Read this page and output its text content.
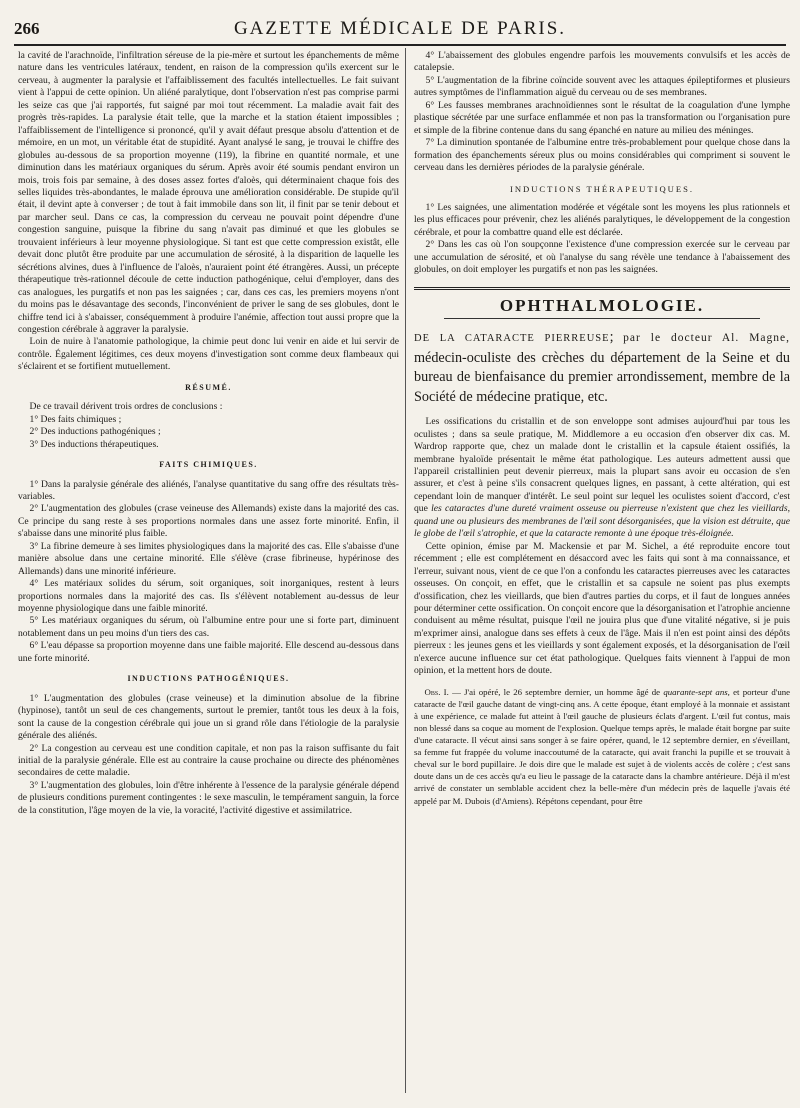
266	GAZETTE MÉDICALE DE PARIS.

la cavité de l'arachnoïde, l'infiltration séreuse de la pie-mère et surtout les épanchements de même nature dans les ventricules latéraux, tendent, en raison de la compression qu'ils exercent sur le cerveau, à augmenter la paralysie et l'affaiblissement des facultés intellectuelles. Le fait suivant vient à l'appui de cette opinion. Un aliéné paralytique, dont l'observation n'est pas comprise parmi les seize cas que j'ai rapportés, fut saigné par moi tout récemment. La maladie avait fait des progrès très-rapides. La paralysie était telle, que la marche et la station étaient impossibles ; l'affaiblissement de l'intelligence si prononcé, qu'il y avait défaut presque absolu d'attention et de mémoire, en un mot, un véritable état de stupidité. Ayant analysé le sang, je trouvai le chiffre des globules au-dessous de sa proportion moyenne (119), la fibrine en quantité normale, et une diminution dans les matériaux organiques du sérum. Après avoir été soumis pendant environ un mois, trois fois par semaine, à des doses assez fortes d'aloès, qui déterminaient chaque fois des selles liquides très-abondantes, le malade éprouva une amélioration considérable. De stupide qu'il était, il devint apte à converser ; de tout à fait immobile dans son lit, il finit par se tenir debout et par marcher seul. Dans ce cas, la compression du cerveau ne pouvait point dépendre d'une congestion sanguine, puisque la fibrine du sang n'avait pas diminué et que les globules se trouvaient inférieurs à leur moyenne physiologique. Si tant est que cette compression existât, elle devait donc plutôt être produite par une accumulation de sérosité, à la disparition de laquelle les sécrétions alvines, dues à l'influence de l'aloès, n'auraient point été étrangères. Aussi, un précepte thérapeutique très-rationnel découle de cette induction pathogénique, celui d'employer, dans des cas analogues, les purgatifs et non pas les saignées ; car, dans ces cas, les premiers moyens n'ont du moins pas le désavantage des seconds, l'inconvénient de priver le sang de ses globules, dont le chiffre tend ici à s'abaisser, conséquemment à produire l'anémie, affection tout aussi propre que la congestion cérébrale à aggraver la paralysie.

Loin de nuire à l'anatomie pathologique, la chimie peut donc lui venir en aide et lui servir de contrôle. Également légitimes, ces deux moyens d'investigation sont comme deux flambeaux qui s'éclairent et se fortifient mutuellement.

RÉSUMÉ.

De ce travail dérivent trois ordres de conclusions :

1° Des faits chimiques ;

2° Des inductions pathogéniques ;

3° Des inductions thérapeutiques.

FAITS CHIMIQUES.

1° Dans la paralysie générale des aliénés, l'analyse quantitative du sang offre des résultats très-variables.

2° L'augmentation des globules (crase veineuse des Allemands) existe dans la majorité des cas. Ce principe du sang reste à ses proportions normales dans une assez forte minorité. Enfin, il s'abaisse dans une minorité plus faible.

3° La fibrine demeure à ses limites physiologiques dans la majorité des cas. Elle s'abaisse d'une manière absolue dans une certaine minorité. Elle s'élève (crase fibrineuse, hypérinose des Allemands) dans une minorité inférieure.

4° Les matériaux solides du sérum, soit organiques, soit inorganiques, restent à leurs proportions normales dans la majorité des cas. Ils s'élèvent notablement au-dessus de leur moyenne physiologique dans une faible minorité.

5° Les matériaux organiques du sérum, où l'albumine entre pour une si forte part, diminuent notablement dans un peu moins d'un tiers des cas.

6° L'eau dépasse sa proportion moyenne dans une faible majorité. Elle descend au-dessous dans une forte minorité.

INDUCTIONS PATHOGÉNIQUES.

1° L'augmentation des globules (crase veineuse) et la diminution absolue de la fibrine (hypinose), tantôt un seul de ces changements, surtout le premier, tantôt tous les deux à la fois, sont la cause de la congestion cérébrale qui joue un si grand rôle dans l'étiologie de la paralysie générale des aliénés.

2° La congestion au cerveau est une condition capitale, et non pas la raison suffisante du fait initial de la paralysie générale. Elle est au contraire la cause prochaine ou directe des phénomènes secondaires de cette maladie.

3° L'augmentation des globules, loin d'être inhérente à l'essence de la paralysie générale dépend de plusieurs conditions purement contingentes : le sexe masculin, le tempérament sanguin, la force de la constitution, l'âge moyen de la vie, la voracité, l'activité digestive et assimilatrice.

4° L'abaissement des globules engendre parfois les mouvements convulsifs et les accès de catalepsie.

5° L'augmentation de la fibrine coïncide souvent avec les attaques épileptiformes et plusieurs autres symptômes de l'inflammation aiguë du cerveau ou de ses membranes.

6° Les fausses membranes arachnoïdiennes sont le résultat de la coagulation d'une lymphe plastique sécrétée par une surface enflammée et non pas la transformation ou l'organisation pure et simple de la fibrine contenue dans du sang épanché en nature au milieu des méninges.

7° La diminution spontanée de l'albumine entre très-probablement pour quelque chose dans la formation des épanchements séreux plus ou moins considérables qui compriment si souvent le cerveau dans les dernières périodes de la paralysie générale.

INDUCTIONS THÉRAPEUTIQUES.

1° Les saignées, une alimentation modérée et végétale sont les moyens les plus rationnels et les plus efficaces pour prévenir, chez les aliénés paralytiques, le développement de la congestion cérébrale, et pour la combattre quand elle est déclarée.

2° Dans les cas où l'on soupçonne l'existence d'une compression exercée sur le cerveau par une accumulation de sérosité, et où l'analyse du sang révèle une tendance à l'abaissement des globules, on doit employer les purgatifs et non pas les saignées.

OPHTHALMOLOGIE.
DE LA CATARACTE PIERREUSE; par le docteur Al. Magne, médecin-oculiste des crèches du département de la Seine et du bureau de bienfaisance du premier arrondissement, membre de la Société de médecine pratique, etc.

Les ossifications du cristallin et de son enveloppe sont admises aujourd'hui par tous les oculistes ; dans sa seule pratique, M. Middlemore a eu occasion d'en observer dix cas. M. Wardrop rapporte que, chez un malade dont le cristallin et la capsule étaient ossifiés, la membrane hyaloïde présentait le même état pathologique. Les auteurs admettent aussi que l'appareil cristallinien peut devenir pierreux, mais la plupart sans avoir eu occasion de s'en assurer, et c'est à peine s'ils consacrent quelques lignes, en passant, à cette altération, qui est cependant loin de manquer d'intérêt. Le seul point sur lequel les oculistes soient d'accord, c'est que les cataractes d'une dureté vraiment osseuse ou pierreuse n'existent que chez les vieillards, quand une ou plusieurs des membranes de l'œil sont désorganisées, que la vision est détruite, que le globe de l'œil s'atrophie, et que la cataracte remonte à une époque très-éloignée.

Cette opinion, émise par M. Mackensie et par M. Sichel, a été reproduite encore tout récemment ; elle est complétement en désaccord avec les faits qui sont à ma connaissance, et l'erreur, suivant nous, vient de ce que l'on a confondu les cataractes pierreuses avec les cataractes osseuses. On conçoit, en effet, que le cristallin et sa capsule ne soient pas plus exempts d'ossification, chez les vieillards, que bien d'autres parties du corps, et il faut de longues années pour déterminer cette ossification. On conçoit encore que la désorganisation et l'atrophie ancienne conduisent au même résultat, puisque l'œil ne jouira plus que d'une vitalité négative, si je puis m'exprimer ainsi, analogue dans ses effets à ceux de l'âge. Mais il n'en est point ainsi des dépôts pierreux : les jeunes gens et les vieillards y sont également exposés, et la désorganisation de l'œil n'exerce aucune influence sur cet état pathologique. Quelques faits viennent à l'appui de mon opinion, et la mettent hors de doute.

Obs. I. — J'ai opéré, le 26 septembre dernier, un homme âgé de quarante-sept ans, et porteur d'une cataracte de l'œil gauche datant de vingt-cinq ans. A cette époque, étant employé à la monnaie et assistant à une expérience, ce malade fut atteint à l'œil gauche de plusieurs éclats d'argent. L'œil fut contus, mais non blessé dans sa coque au moment de l'explosion. Quelque temps après, le malade était borgne par suite d'une cataracte. Il vécut ainsi sans songer à se faire opérer, quand, le 12 septembre dernier, en s'éveillant, sa femme fut frappée du volume inaccoutumé de la cataracte, qui avait franchi la pupille et se trouvait à cheval sur le bord pupillaire. Je dois dire que le malade est sujet à de violents accès de colère ; c'est sans doute dans un de ces accès qu'a eu lieu le passage de la cataracte dans la chambre antérieure. Déjà il m'est arrivé de constater un semblable accident chez la belle-mère d'un médecin près de laquelle j'avais été appelé par M. Dubois (d'Amiens). Répétons cependant, pour être
